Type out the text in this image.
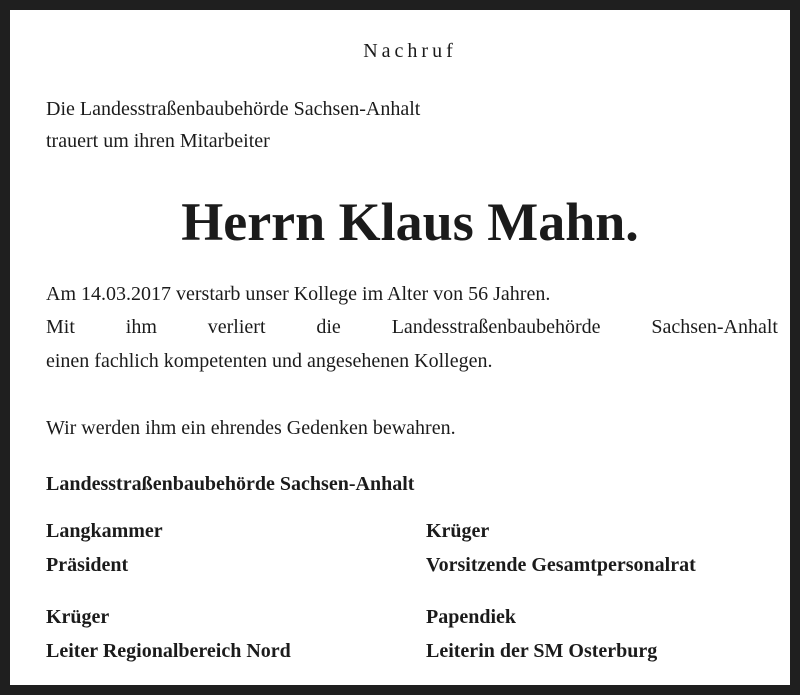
Nachruf

Die Landesstraßenbaubehörde Sachsen-Anhalt

trauert um ihren Mitarbeiter

Herrn Klaus Mahn.

Am 14.03.2017 verstarb unser Kollege im Alter von 56 Jahren.

Mit ihm verliert die Landesstraßenbaubehörde Sachsen-Anhalt

einen fachlich kompetenten und angesehenen Kollegen.

Wir werden ihm ein ehrendes Gedenken bewahren.

Landesstraßenbaubehörde Sachsen-Anhalt

Langkammer

Präsident

Krüger

Vorsitzende Gesamtpersonalrat

Krüger

Leiter Regionalbereich Nord

Papendiek

Leiterin der SM Osterburg
